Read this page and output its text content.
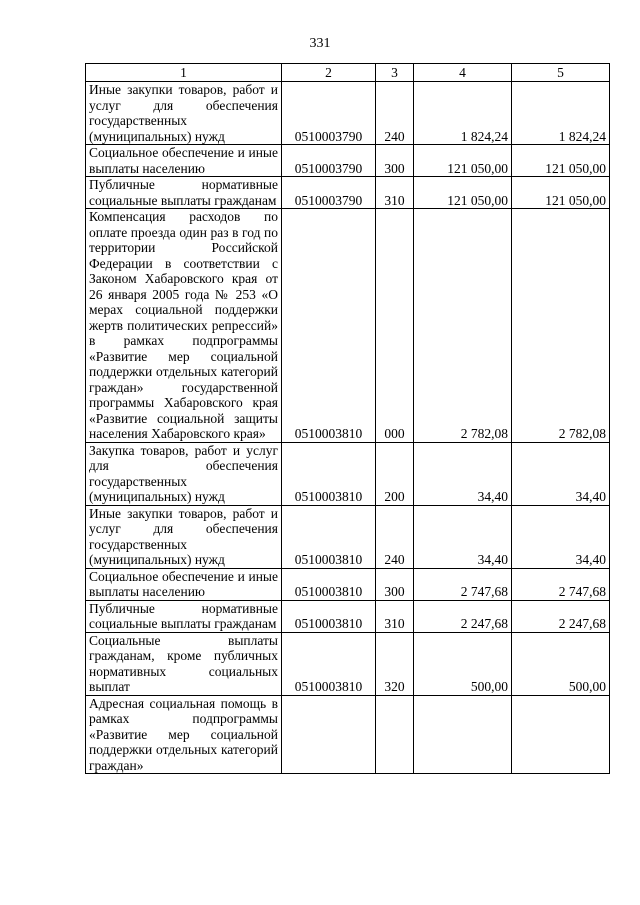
331
1	2	3	4	5
Иные закупки товаров, работ и услуг для обеспечения государственных (муниципальных) нужд	0510003790	240	1 824,24	1 824,24
Социальное обеспечение и иные выплаты населению	0510003790	300	121 050,00	121 050,00
Публичные нормативные социальные выплаты гражданам	0510003790	310	121 050,00	121 050,00
Компенсация расходов по оплате проезда один раз в год по территории Российской Федерации в соответствии с Законом Хабаровского края от 26 января 2005 года № 253 «О мерах социальной поддержки жертв политических репрессий» в рамках подпрограммы «Развитие мер социальной поддержки отдельных категорий граждан» государственной программы Хабаровского края «Развитие социальной защиты населения Хабаровского края»	0510003810	000	2 782,08	2 782,08
Закупка товаров, работ и услуг для обеспечения государственных (муниципальных) нужд	0510003810	200	34,40	34,40
Иные закупки товаров, работ и услуг для обеспечения государственных (муниципальных) нужд	0510003810	240	34,40	34,40
Социальное обеспечение и иные выплаты населению	0510003810	300	2 747,68	2 747,68
Публичные нормативные социальные выплаты гражданам	0510003810	310	2 247,68	2 247,68
Социальные выплаты гражданам, кроме публичных нормативных социальных выплат	0510003810	320	500,00	500,00
Адресная социальная помощь в рамках подпрограммы «Развитие мер социальной поддержки отдельных категорий граждан»				
